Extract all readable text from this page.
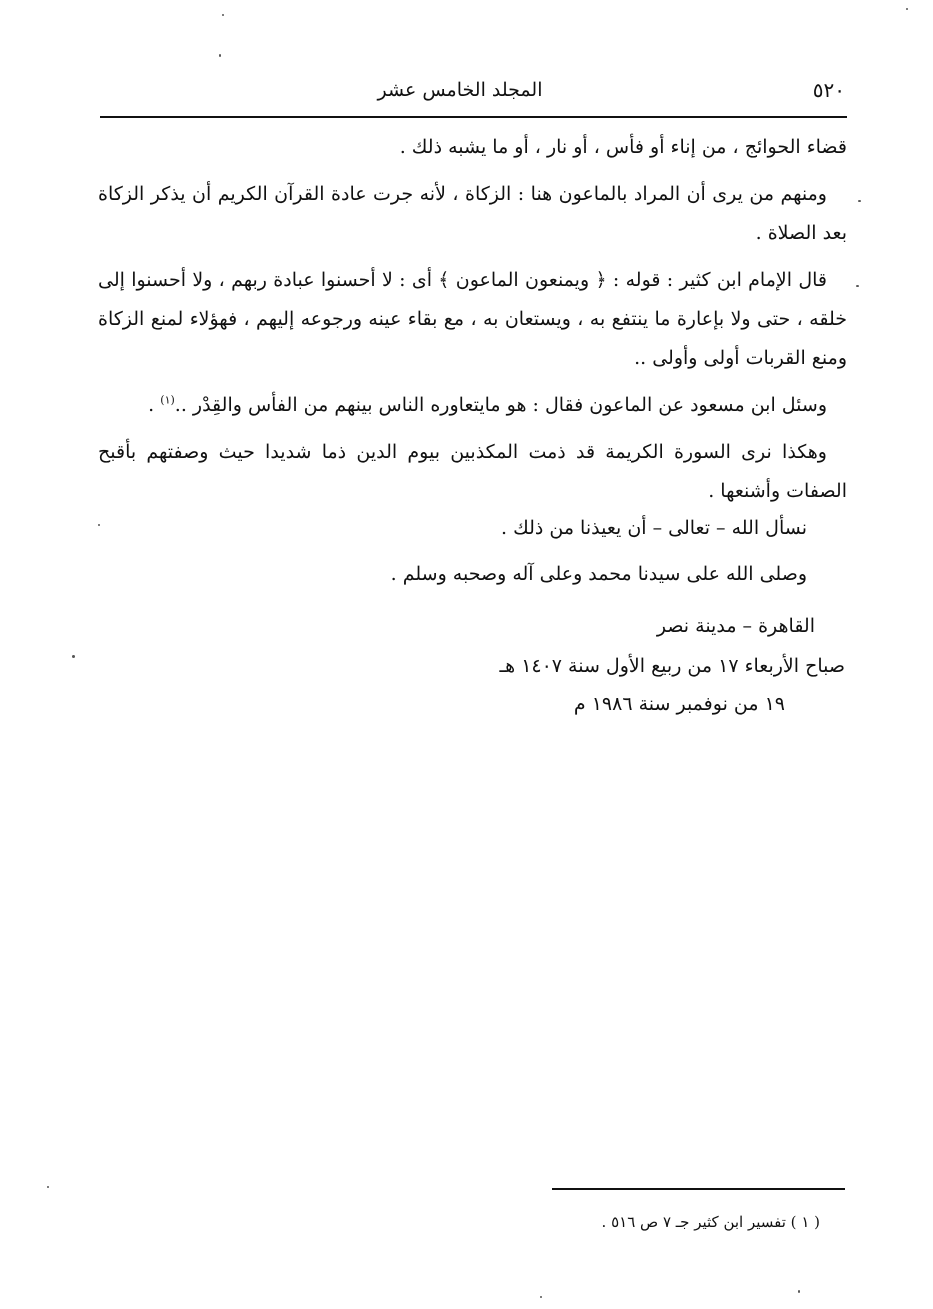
٥٢٠
المجلد الخامس عشر

قضاء الحوائج ، من إناء أو فأس ، أو نار ، أو ما يشبه ذلك .

ومنهم من يرى أن المراد بالماعون هنا : الزكاة ، لأنه جرت عادة القرآن الكريم أن يذكر الزكاة بعد الصلاة .

قال الإمام ابن كثير : قوله : ﴿ ويمنعون الماعون ﴾ أى : لا أحسنوا عبادة ربهم ، ولا أحسنوا إلى خلقه ، حتى ولا بإعارة ما ينتفع به ، ويستعان به ، مع بقاء عينه ورجوعه إليهم ، فهؤلاء لمنع الزكاة ومنع القربات أولى وأولى ..

وسئل ابن مسعود عن الماعون فقال : هو مايتعاوره الناس بينهم من الفأس والقِدْر ..$^{(١)}$ .

وهكذا نرى السورة الكريمة قد ذمت المكذبين بيوم الدين ذما شديدا حيث وصفتهم بأقبح الصفات وأشنعها .

نسأل الله – تعالى – أن يعيذنا من ذلك .
وصلى الله على سيدنا محمد وعلى آله وصحبه وسلم .
القاهرة – مدينة نصر
صباح الأربعاء ١٧ من ربيع الأول سنة ١٤٠٧ هـ
١٩ من نوفمبر سنة ١٩٨٦ م
( ١ ) تفسير ابن كثير جـ ٧ ص ٥١٦ .
